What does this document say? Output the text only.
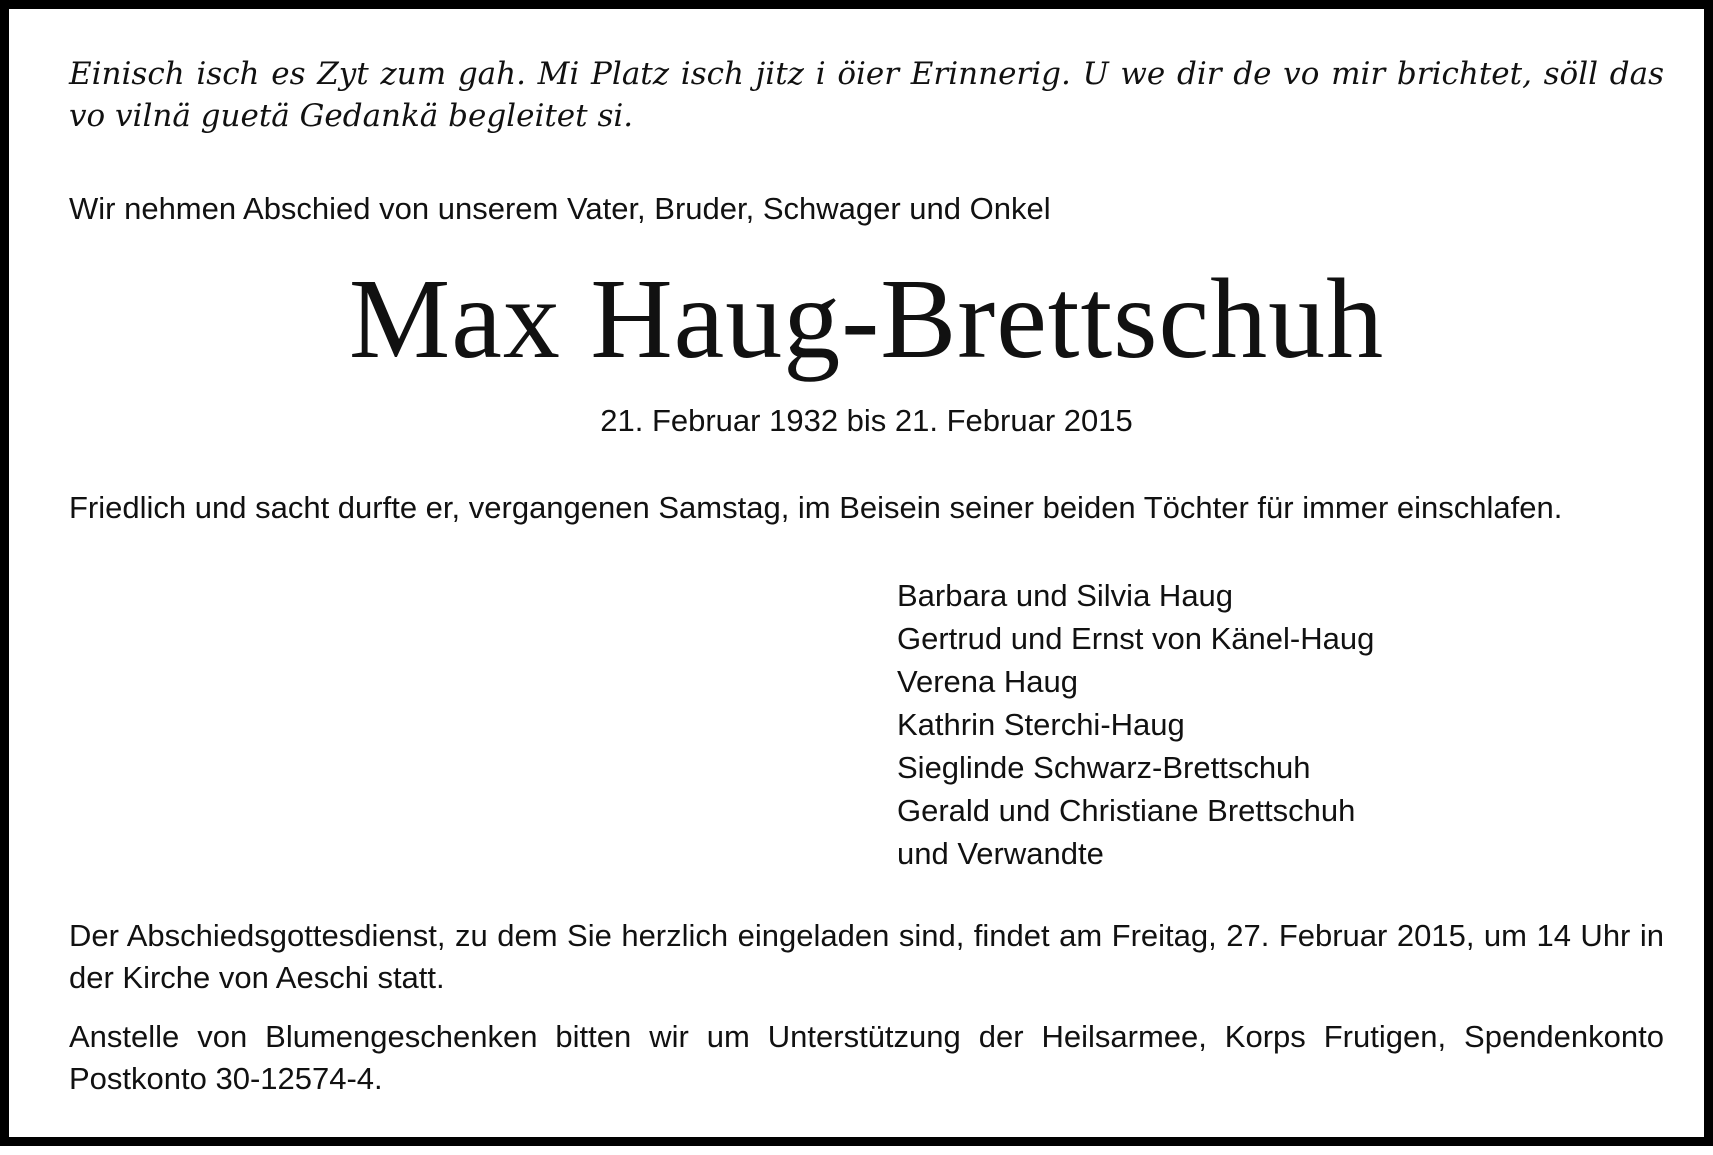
Einisch isch es Zyt zum gah. Mi Platz isch jitz i öier Erinnerig. U we dir de vo mir brichtet, söll das vo vilnä guetä Gedankä begleitet si.

Wir nehmen Abschied von unserem Vater, Bruder, Schwager und Onkel

Max Haug-Brettschuh

21. Februar 1932 bis 21. Februar 2015

Friedlich und sacht durfte er, vergangenen Samstag, im Beisein seiner beiden Töchter für immer einschlafen.

Barbara und Silvia Haug
Gertrud und Ernst von Känel-Haug
Verena Haug
Kathrin Sterchi-Haug
Sieglinde Schwarz-Brettschuh
Gerald und Christiane Brettschuh
und Verwandte

Der Abschiedsgottesdienst, zu dem Sie herzlich eingeladen sind, findet am Freitag, 27. Februar 2015, um 14 Uhr in der Kirche von Aeschi statt.

Anstelle von Blumengeschenken bitten wir um Unterstützung der Heilsarmee, Korps Frutigen, Spendenkonto Postkonto 30-12574-4.
